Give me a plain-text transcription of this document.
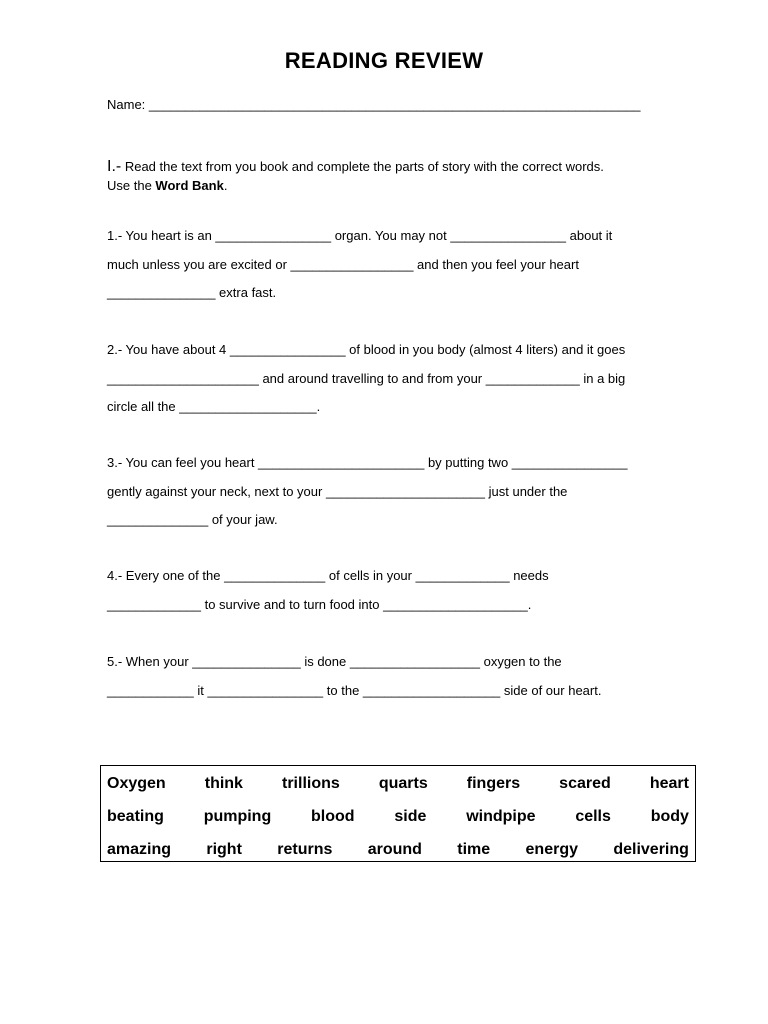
READING REVIEW
Name: ____________________________________________________________________
I.- Read the text from you book and complete the parts of story with the correct words.
Use the Word Bank.
1.- You heart is an ________________ organ. You may not ________________ about it
much unless you are excited or _________________ and then you feel your heart
_______________ extra fast.
2.- You have about 4 ________________ of blood in you body (almost 4 liters) and it goes
_____________________ and around travelling to and from your _____________ in a big
circle all the ___________________.
3.- You can feel you heart _______________________ by putting two ________________
gently against your neck, next to your ______________________ just under the
______________ of your jaw.
4.- Every one of the ______________ of cells in your _____________ needs
_____________ to survive and to turn food into ____________________.
5.- When your _______________ is done __________________ oxygen to the
____________ it ________________ to the ___________________ side of our heart.
Oxygen think trillions quarts fingers scared heart
beating pumping blood side windpipe cells body
amazing right returns around time energy delivering
